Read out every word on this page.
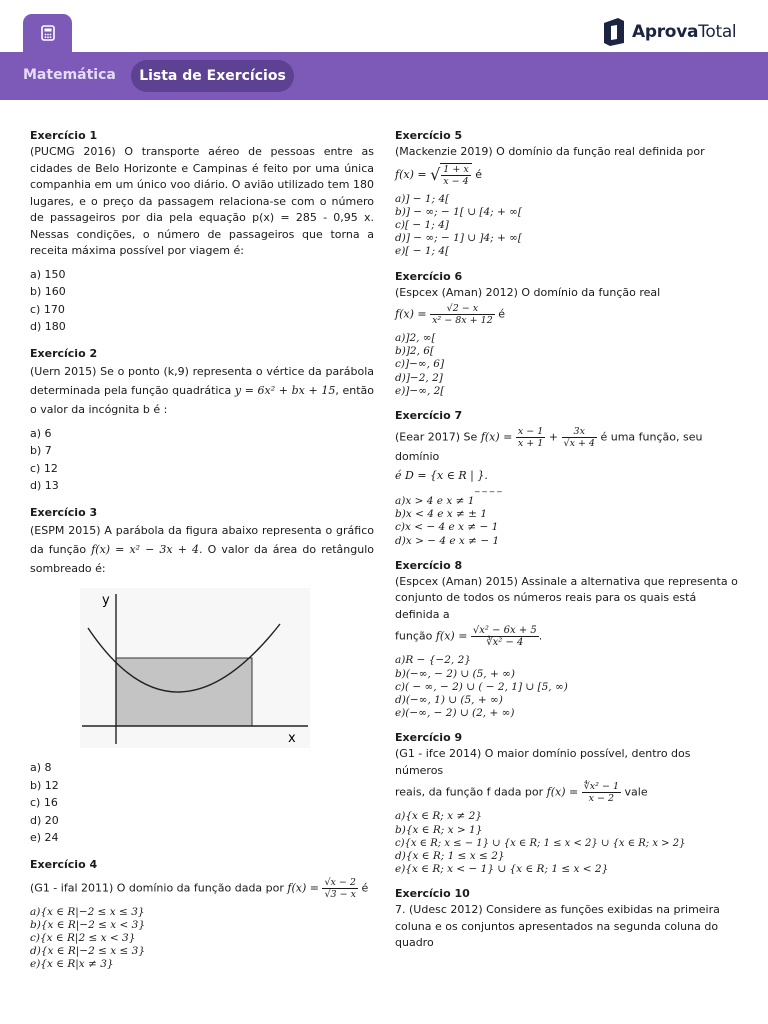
AprovaTotal
Matemática	Lista de Exercícios
Exercício 1
(PUCMG 2016) O transporte aéreo de pessoas entre as cidades de Belo Horizonte e Campinas é feito por uma única companhia em um único voo diário. O avião utilizado tem 180 lugares, e o preço da passagem relaciona-se com o número de passageiros por dia pela equação p(x) = 285 - 0,95 x. Nessas condições, o número de passageiros que torna a receita máxima possível por viagem é:
a) 150
b) 160
c) 170
d) 180
Exercício 2
(Uern 2015) Se o ponto (k,9) representa o vértice da parábola determinada pela função quadrática y = 6x² + bx + 15, então o valor da incógnita b é :
a) 6
b) 7
c) 12
d) 13
Exercício 3
(ESPM 2015) A parábola da figura abaixo representa o gráfico da função f(x) = x² − 3x + 4. O valor da área do retângulo sombreado é:
y
x
a) 8
b) 12
c) 16
d) 20
e) 24
Exercício 4
(G1 - ifal 2011) O domínio da função dada por $f(x) = \frac{√x - 2}{√3 - x}$ é
a){x ∈ R|−2 ≤ x ≤ 3}
b){x ∈ R|−2 ≤ x < 3}
c){x ∈ R|2 ≤ x < 3}
d){x ∈ R|−2 ≤ x ≤ 3}
e){x ∈ R|x ≠ 3}
Exercício 5
(Mackenzie 2019) O domínio da função real definida por
f(x) = √ $\frac{1 + x}{x - 4}$ é
a)] − 1; 4[
b)] − ∞; − 1[ ∪ [4; + ∞[
c)[ − 1; 4]
d)] − ∞; − 1] ∪ ]4; + ∞[
e)[ − 1; 4[
Exercício 6
(Espcex (Aman) 2012) O domínio da função real
$f(x) = \frac{√2 - x}{\text{x² − 8x + 12}}$ é
a)]2, ∞[
b)]2, 6[
c)]−∞, 6]
d)]−2, 2]
e)]−∞, 2[
Exercício 7
(Eear 2017) Se $f(x) = \frac{x - 1}{x + 1} + \frac{3x}{√x + 4}$ é uma função, seu domínio
é D = {x ∈ R | }.
_ _ _ _
a)x > 4 e x ≠ 1
b)x < 4 e x ≠ ± 1
c)x < − 4 e x ≠ − 1
d)x > − 4 e x ≠ − 1
Exercício 8
(Espcex (Aman) 2015) Assinale a alternativa que representa o conjunto de todos os números reais para os quais está definida a
função $f(x) = \frac{\text{√x² − 6x + 5}}{\text{∛x² − 4}}$ .
a)R − {−2, 2}
b)(−∞, − 2) ∪ (5, + ∞)
c)( − ∞, − 2) ∪ ( − 2, 1] ∪ [5, ∞)
d)(−∞, 1) ∪ (5, + ∞)
e)(−∞, − 2) ∪ (2, + ∞)
Exercício 9
(G1 - ifce 2014) O maior domínio possível, dentro dos números
reais, da função f dada por $f(x) = \frac{\text{∜x² − 1}}{x - 2}$ vale
a){x ∈ R; x ≠ 2}
b){x ∈ R; x > 1}
c){x ∈ R; x ≤ − 1} ∪ {x ∈ R; 1 ≤ x < 2} ∪ {x ∈ R; x > 2}
d){x ∈ R; 1 ≤ x ≤ 2}
e){x ∈ R; x < − 1} ∪ {x ∈ R; 1 ≤ x < 2}
Exercício 10
7. (Udesc 2012) Considere as funções exibidas na primeira coluna e os conjuntos apresentados na segunda coluna do quadro
